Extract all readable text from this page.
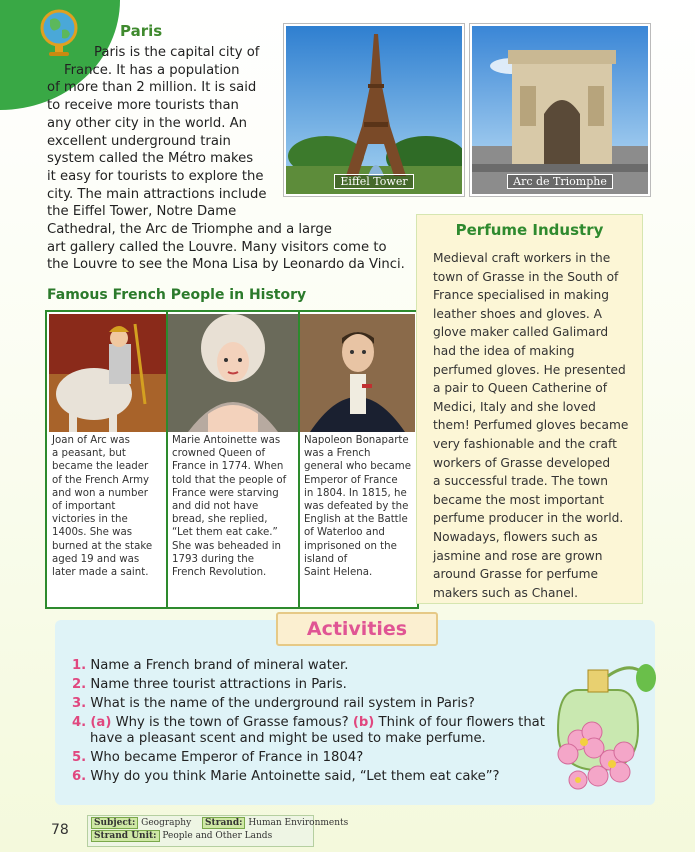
Paris
Paris is the capital city of
France. It has a population
of more than 2 million. It is said
to receive more tourists than
any other city in the world. An
excellent underground train
system called the Métro makes
it easy for tourists to explore the
city. The main attractions include
the Eiffel Tower, Notre Dame
Cathedral, the Arc de Triomphe and a large
art gallery called the Louvre. Many visitors come to
the Louvre to see the Mona Lisa by Leonardo da Vinci.
Eiffel Tower	Arc de Triomphe
Famous French People in History
Joan of Arc was
a peasant, but
became the leader
of the French Army
and won a number
of important
victories in the
1400s. She was
burned at the stake
aged 19 and was
later made a saint.
Marie Antoinette was
crowned Queen of
France in 1774. When
told that the people of
France were starving
and did not have
bread, she replied,
“Let them eat cake.”
She was beheaded in
1793 during the
French Revolution.
Napoleon Bonaparte
was a French
general who became
Emperor of France
in 1804. In 1815, he
was defeated by the
English at the Battle
of Waterloo and
imprisoned on the
island of
Saint Helena.
Perfume Industry
Medieval craft workers in the
town of Grasse in the South of
France specialised in making
leather shoes and gloves. A
glove maker called Galimard
had the idea of making
perfumed gloves. He presented
a pair to Queen Catherine of
Medici, Italy and she loved
them! Perfumed gloves became
very fashionable and the craft
workers of Grasse developed
a successful trade. The town
became the most important
perfume producer in the world.
Nowadays, flowers such as
jasmine and rose are grown
around Grasse for perfume
makers such as Chanel.
Activities
1. Name a French brand of mineral water.
2. Name three tourist attractions in Paris.
3. What is the name of the underground rail system in Paris?
4. (a) Why is the town of Grasse famous? (b) Think of four flowers that
have a pleasant scent and might be used to make perfume.
5. Who became Emperor of France in 1804?
6. Why do you think Marie Antoinette said, “Let them eat cake”?
78	Subject: Geography Strand: Human Environments
Strand Unit: People and Other Lands
